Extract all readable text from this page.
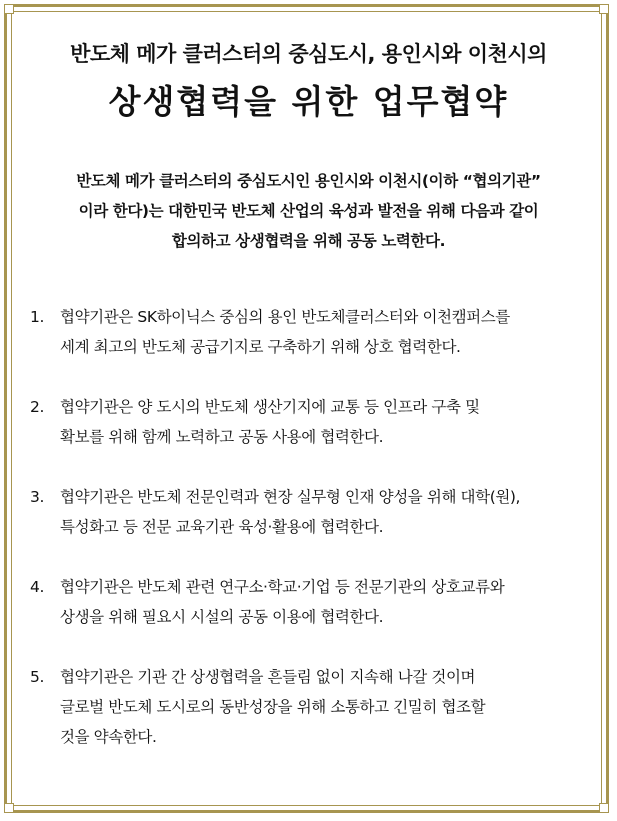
반도체 메가 클러스터의 중심도시, 용인시와 이천시의
상생협력을 위한 업무협약
반도체 메가 클러스터의 중심도시인 용인시와 이천시(이하 “협의기관”
이라 한다)는 대한민국 반도체 산업의 육성과 발전을 위해 다음과 같이
합의하고 상생협력을 위해 공동 노력한다.
1.	협약기관은 SK하이닉스 중심의 용인 반도체클러스터와 이천캠퍼스를
세계 최고의 반도체 공급기지로 구축하기 위해 상호 협력한다.
2.	협약기관은 양 도시의 반도체 생산기지에 교통 등 인프라 구축 및
확보를 위해 함께 노력하고 공동 사용에 협력한다.
3.	협약기관은 반도체 전문인력과 현장 실무형 인재 양성을 위해 대학(원),
특성화고 등 전문 교육기관 육성·활용에 협력한다.
4.	협약기관은 반도체 관련 연구소·학교·기업 등 전문기관의 상호교류와
상생을 위해 필요시 시설의 공동 이용에 협력한다.
5.	협약기관은 기관 간 상생협력을 흔들림 없이 지속해 나갈 것이며
글로벌 반도체 도시로의 동반성장을 위해 소통하고 긴밀히 협조할
것을 약속한다.
